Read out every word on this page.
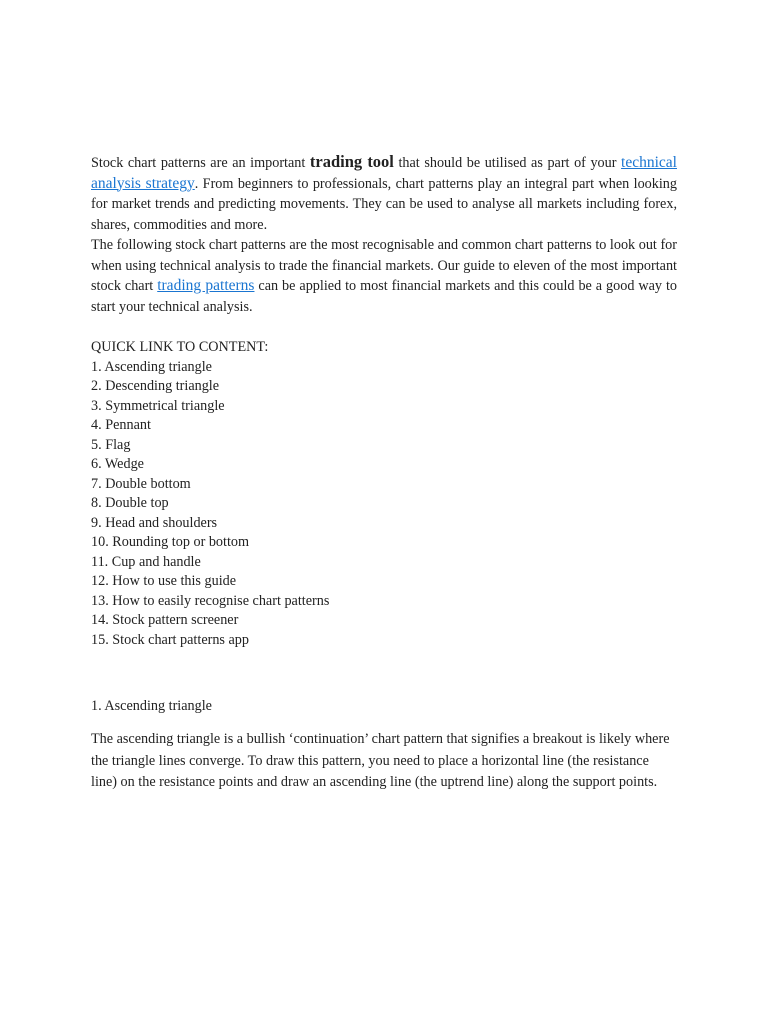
Stock chart patterns are an important trading tool that should be utilised as part of your technical analysis strategy. From beginners to professionals, chart patterns play an integral part when looking for market trends and predicting movements. They can be used to analyse all markets including forex, shares, commodities and more.

The following stock chart patterns are the most recognisable and common chart patterns to look out for when using technical analysis to trade the financial markets. Our guide to eleven of the most important stock chart trading patterns can be applied to most financial markets and this could be a good way to start your technical analysis.

QUICK LINK TO CONTENT:
1. Ascending triangle
2. Descending triangle
3. Symmetrical triangle
4. Pennant
5. Flag
6. Wedge
7. Double bottom
8. Double top
9. Head and shoulders
10. Rounding top or bottom
11. Cup and handle
12. How to use this guide
13. How to easily recognise chart patterns
14. Stock pattern screener
15. Stock chart patterns app
1. Ascending triangle

The ascending triangle is a bullish ‘continuation’ chart pattern that signifies a breakout is likely where the triangle lines converge. To draw this pattern, you need to place a horizontal line (the resistance line) on the resistance points and draw an ascending line (the uptrend line) along the support points.
